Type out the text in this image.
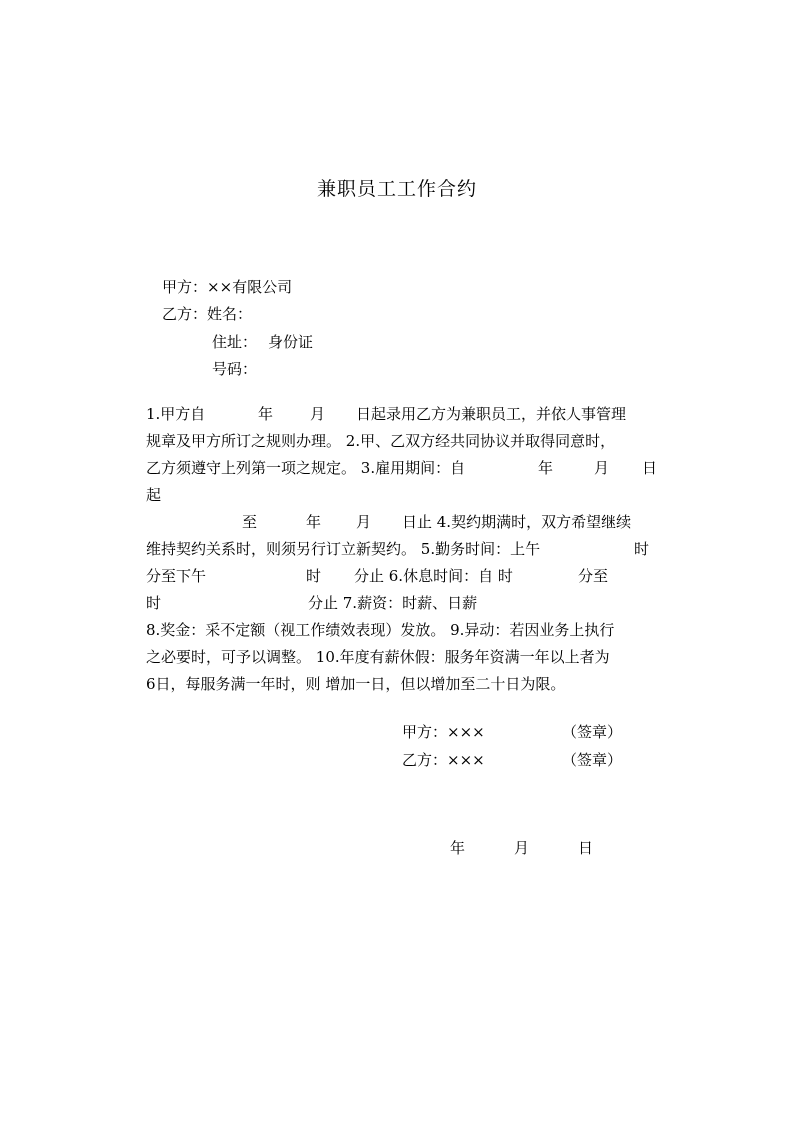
兼职员工工作合约
甲方：××有限公司
乙方：姓名：
住址： 身份证
号码：
1.甲方自	年 月 日起录用乙方为兼职员工，并依人事管理
规章及甲方所订之规则办理。 2.甲、乙双方经共同协议并取得同意时，
乙方须遵守上列第一项之规定。 3.雇用期间：自	年	月 日
起
至	年 月 日止 4.契约期满时，双方希望继续
维持契约关系时，则须另行订立新契约。 5.勤务时间：上午	时
分至下午	时 分止 6.休息时间：自 时	分至
时	分止 7.薪资：时薪、日薪
8.奖金：采不定额（视工作绩效表现）发放。 9.异动：若因业务上执行
之必要时，可予以调整。 10.年度有薪休假：服务年资满一年以上者为
6日，每服务满一年时，则 增加一日，但以增加至二十日为限。
甲方：×××	（签章）
乙方：×××	（签章）
年	月	日
